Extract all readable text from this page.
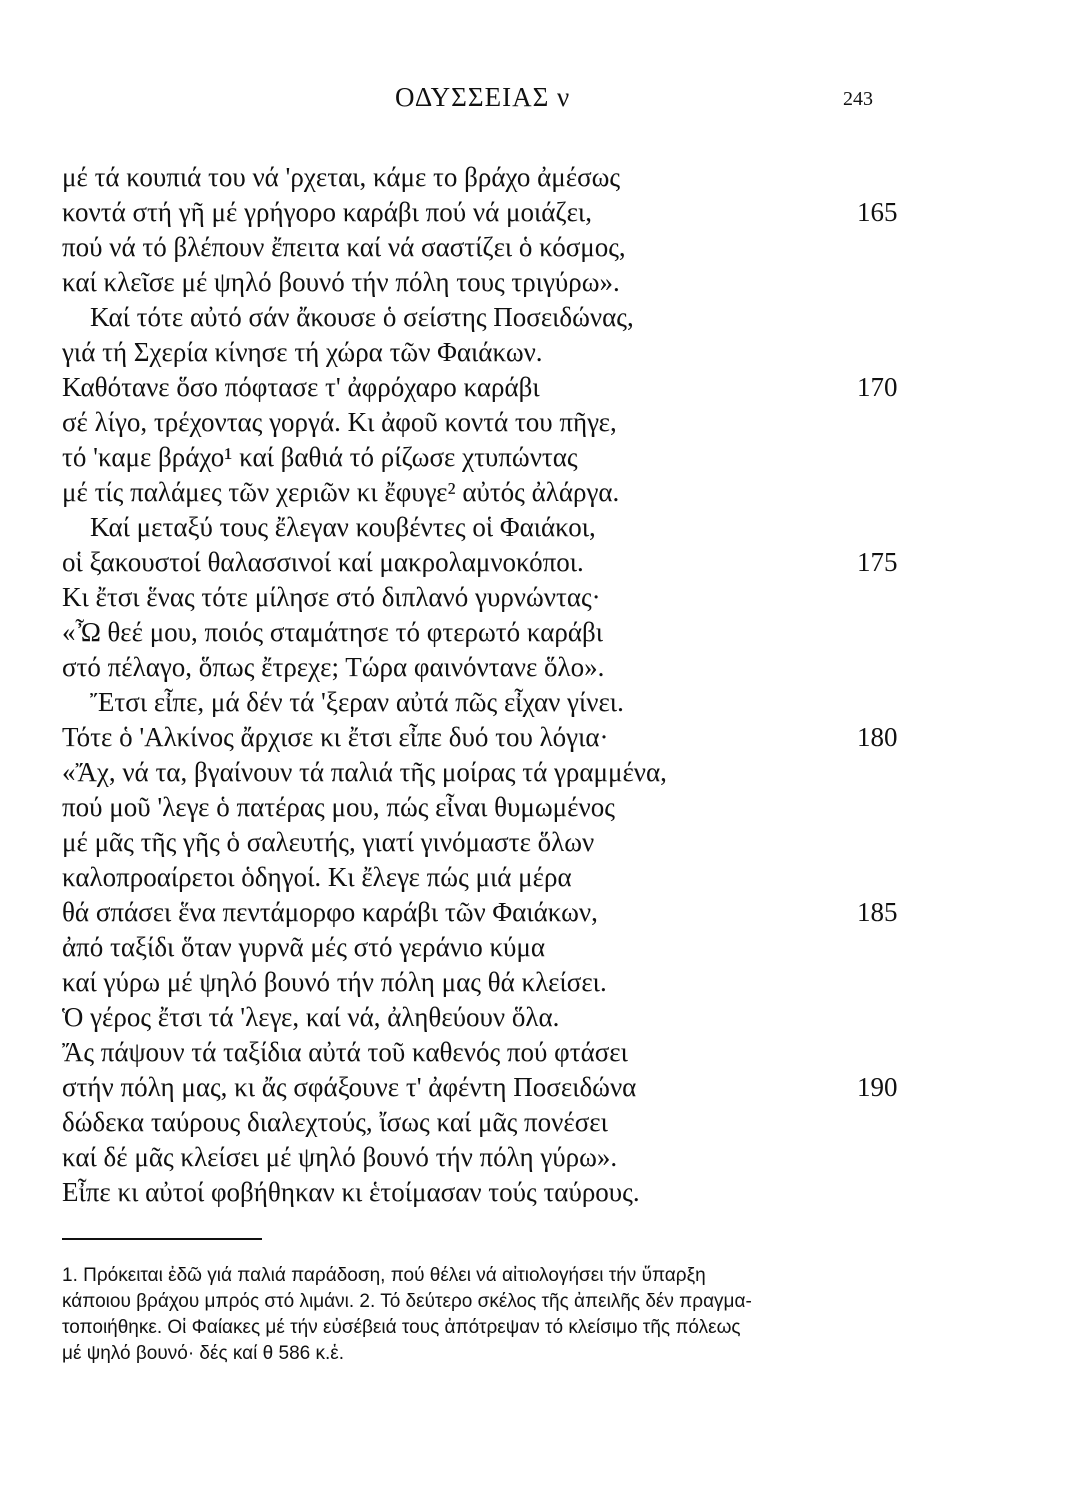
ΟΔΥΣΣΕΙΑΣ ν	243
μέ τά κουπιά του νά 'ρχεται, κάμε το βράχο ἀμέσως
κοντά στή γῆ μέ γρήγορο καράβι πού νά μοιάζει,	165
πού νά τό βλέπουν ἔπειτα καί νά σαστίζει ὁ κόσμος,
καί κλεῖσε μέ ψηλό βουνό τήν πόλη τους τριγύρω».
Καί τότε αὐτό σάν ἄκουσε ὁ σείστης Ποσειδώνας,
γιά τή Σχερία κίνησε τή χώρα τῶν Φαιάκων.
Καθότανε ὅσο πόφτασε τ' ἀφρόχαρο καράβι	170
σέ λίγο, τρέχοντας γοργά. Κι ἀφοῦ κοντά του πῆγε,
τό 'καμε βράχο¹ καί βαθιά τό ρίζωσε χτυπώντας
μέ τίς παλάμες τῶν χεριῶν κι ἔφυγε² αὐτός ἀλάργα.
Καί μεταξύ τους ἔλεγαν κουβέντες οἱ Φαιάκοι,
οἱ ξακουστοί θαλασσινοί καί μακρολαμνοκόποι.	175
Κι ἔτσι ἕνας τότε μίλησε στό διπλανό γυρνώντας·
«Ὦ θεέ μου, ποιός σταμάτησε τό φτερωτό καράβι
στό πέλαγο, ὅπως ἔτρεχε; Τώρα φαινόντανε ὅλο».
Ἔτσι εἶπε, μά δέν τά 'ξεραν αὐτά πῶς εἶχαν γίνει.
Τότε ὁ 'Αλκίνος ἄρχισε κι ἔτσι εἶπε δυό του λόγια·	180
«Ἄχ, νά τα, βγαίνουν τά παλιά τῆς μοίρας τά γραμμένα,
πού μοῦ 'λεγε ὁ πατέρας μου, πώς εἶναι θυμωμένος
μέ μᾶς τῆς γῆς ὁ σαλευτής, γιατί γινόμαστε ὅλων
καλοπροαίρετοι ὁδηγοί. Κι ἔλεγε πώς μιά μέρα
θά σπάσει ἕνα πεντάμορφο καράβι τῶν Φαιάκων,	185
ἀπό ταξίδι ὅταν γυρνᾶ μές στό γεράνιο κύμα
καί γύρω μέ ψηλό βουνό τήν πόλη μας θά κλείσει.
Ὁ γέρος ἔτσι τά 'λεγε, καί νά, ἀληθεύουν ὅλα.
Ἄς πάψουν τά ταξίδια αὐτά τοῦ καθενός πού φτάσει
στήν πόλη μας, κι ἄς σφάξουνε τ' ἀφέντη Ποσειδώνα	190
δώδεκα ταύρους διαλεχτούς, ἴσως καί μᾶς πονέσει
καί δέ μᾶς κλείσει μέ ψηλό βουνό τήν πόλη γύρω».
Εἶπε κι αὐτοί φοβήθηκαν κι ἑτοίμασαν τούς ταύρους.
1. Πρόκειται ἐδῶ γιά παλιά παράδοση, πού θέλει νά αἰτιολογήσει τήν ὕπαρξη
κάποιου βράχου μπρός στό λιμάνι. 2. Τό δεύτερο σκέλος τῆς ἀπειλῆς δέν πραγμα-
τοποιήθηκε. Οἱ Φαίακες μέ τήν εὐσέβειά τους ἀπότρεψαν τό κλείσιμο τῆς πόλεως
μέ ψηλό βουνό· δές καί θ 586 κ.ἑ.
